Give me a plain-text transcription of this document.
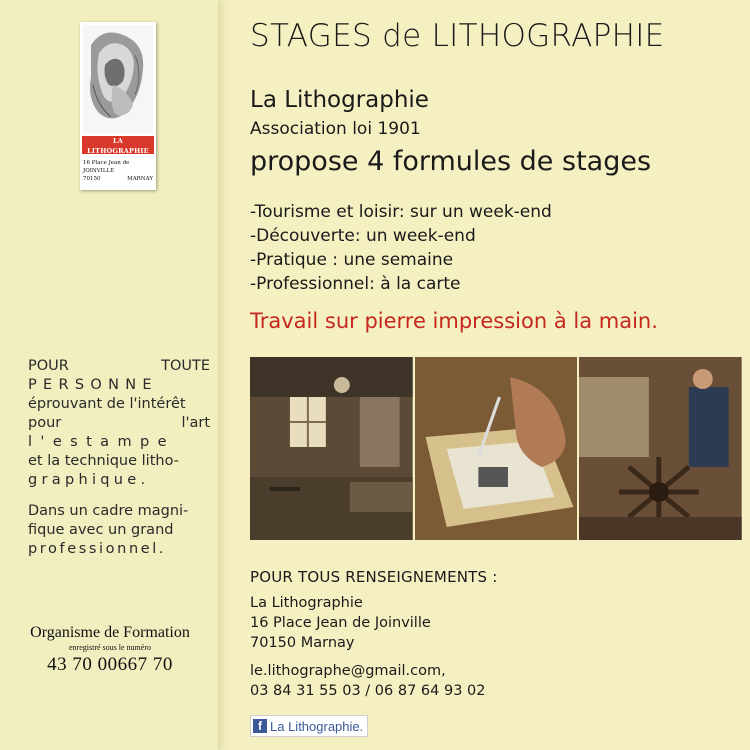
LA LITHOGRAPHIE
Association Loi 1901
16 Place Jean de JOINVILLE
70150	MARNAY
POUR	TOUTE
PERSONNE
éprouvant de l'intérêt
pour	l'art
l'estampe
et la technique litho-
graphique.
Dans un cadre magni-
fique avec un grand
professionnel.
Organisme de Formation
enregistré sous le numéro
43 70 00667 70
STAGES de LITHOGRAPHIE
La Lithographie
Association loi 1901
propose 4 formules de stages
-Tourisme et loisir: sur un week-end
-Découverte: un week-end
-Pratique : une semaine
-Professionnel: à la carte
Travail sur pierre impression à la main.
POUR TOUS RENSEIGNEMENTS :
La Lithographie
16 Place Jean de Joinville
70150 Marnay
le.lithographe@gmail.com,
03 84 31 55 03 / 06 87 64 93 02
f La Lithographie.
